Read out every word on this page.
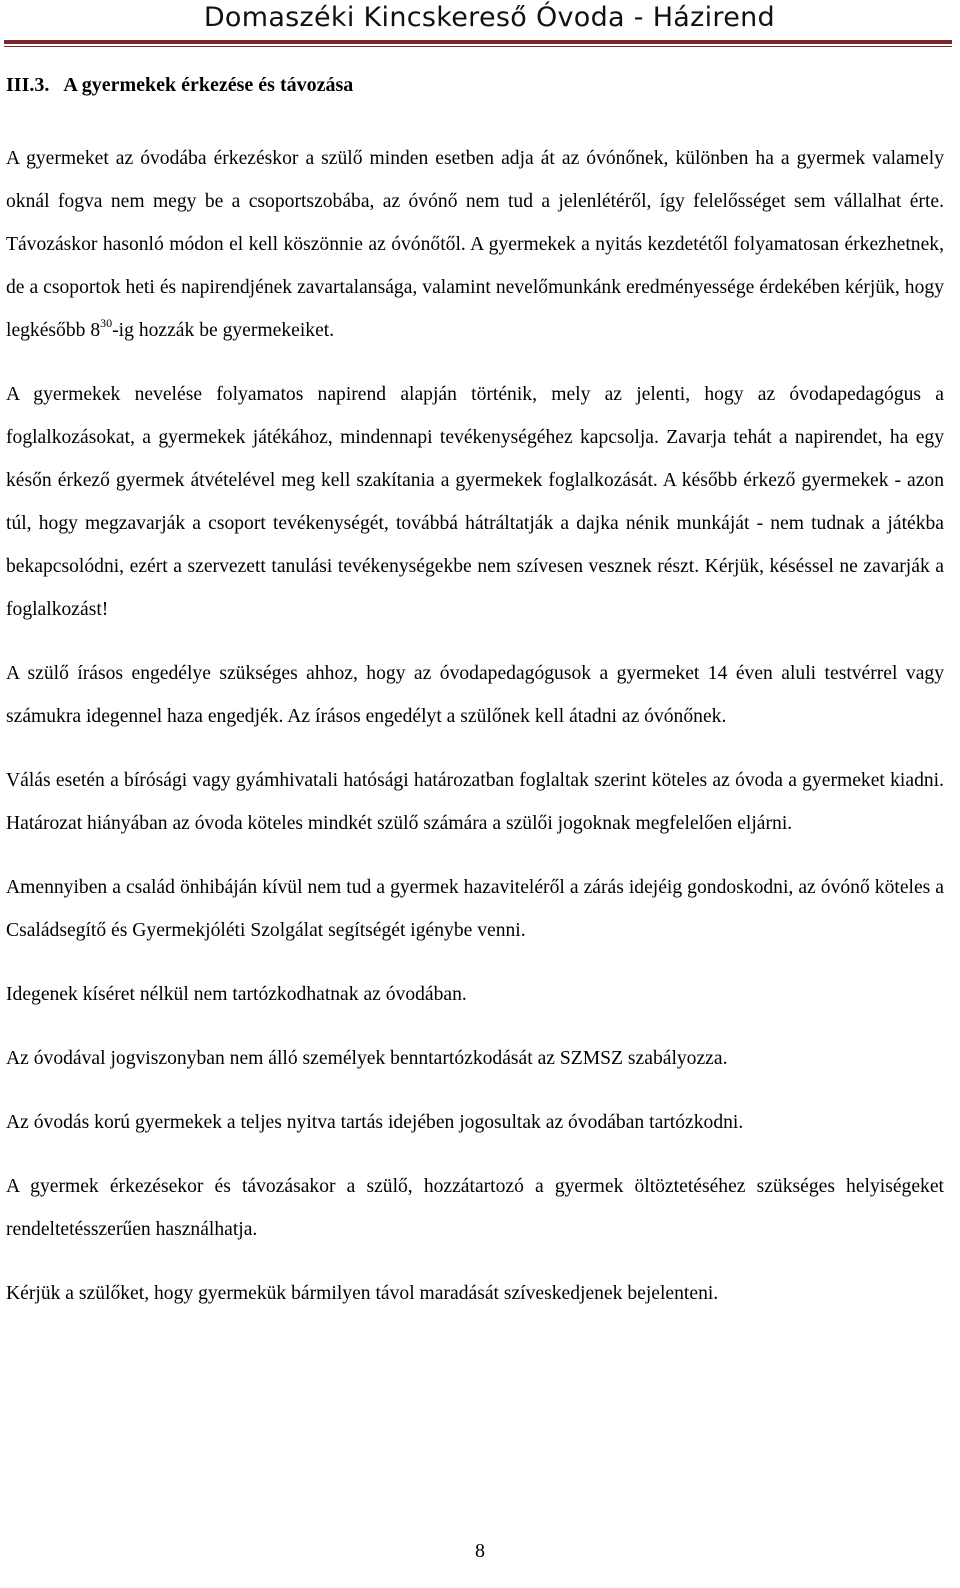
Domaszéki Kincskereső Óvoda - Házirend
III.3. A gyermekek érkezése és távozása

A gyermeket az óvodába érkezéskor a szülő minden esetben adja át az óvónőnek, különben ha a gyermek valamely oknál fogva nem megy be a csoportszobába, az óvónő nem tud a jelenlétéről, így felelősséget sem vállalhat érte. Távozáskor hasonló módon el kell köszönnie az óvónőtől. A gyermekek a nyitás kezdetétől folyamatosan érkezhetnek, de a csoportok heti és napirendjének zavartalansága, valamint nevelőmunkánk eredményessége érdekében kérjük, hogy legkésőbb $8^{30}-ig$ hozzák be gyermekeiket.

A gyermekek nevelése folyamatos napirend alapján történik, mely az jelenti, hogy az óvodapedagógus a foglalkozásokat, a gyermekek játékához, mindennapi tevékenységéhez kapcsolja. Zavarja tehát a napirendet, ha egy későn érkező gyermek átvételével meg kell szakítania a gyermekek foglalkozását. A később érkező gyermekek - azon túl, hogy megzavarják a csoport tevékenységét, továbbá hátráltatják a dajka nénik munkáját - nem tudnak a játékba bekapcsolódni, ezért a szervezett tanulási tevékenységekbe nem szívesen vesznek részt. Kérjük, késéssel ne zavarják a foglalkozást!

A szülő írásos engedélye szükséges ahhoz, hogy az óvodapedagógusok a gyermeket 14 éven aluli testvérrel vagy számukra idegennel haza engedjék. Az írásos engedélyt a szülőnek kell átadni az óvónőnek.

Válás esetén a bírósági vagy gyámhivatali hatósági határozatban foglaltak szerint köteles az óvoda a gyermeket kiadni. Határozat hiányában az óvoda köteles mindkét szülő számára a szülői jogoknak megfelelően eljárni.

Amennyiben a család önhibáján kívül nem tud a gyermek hazaviteléről a zárás idejéig gondoskodni, az óvónő köteles a Családsegítő és Gyermekjóléti Szolgálat segítségét igénybe venni.

Idegenek kíséret nélkül nem tartózkodhatnak az óvodában.

Az óvodával jogviszonyban nem álló személyek benntartózkodását az SZMSZ szabályozza.

Az óvodás korú gyermekek a teljes nyitva tartás idejében jogosultak az óvodában tartózkodni.

A gyermek érkezésekor és távozásakor a szülő, hozzátartozó a gyermek öltöztetéséhez szükséges helyiségeket rendeltetésszerűen használhatja.

Kérjük a szülőket, hogy gyermekük bármilyen távol maradását szíveskedjenek bejelenteni.

8
